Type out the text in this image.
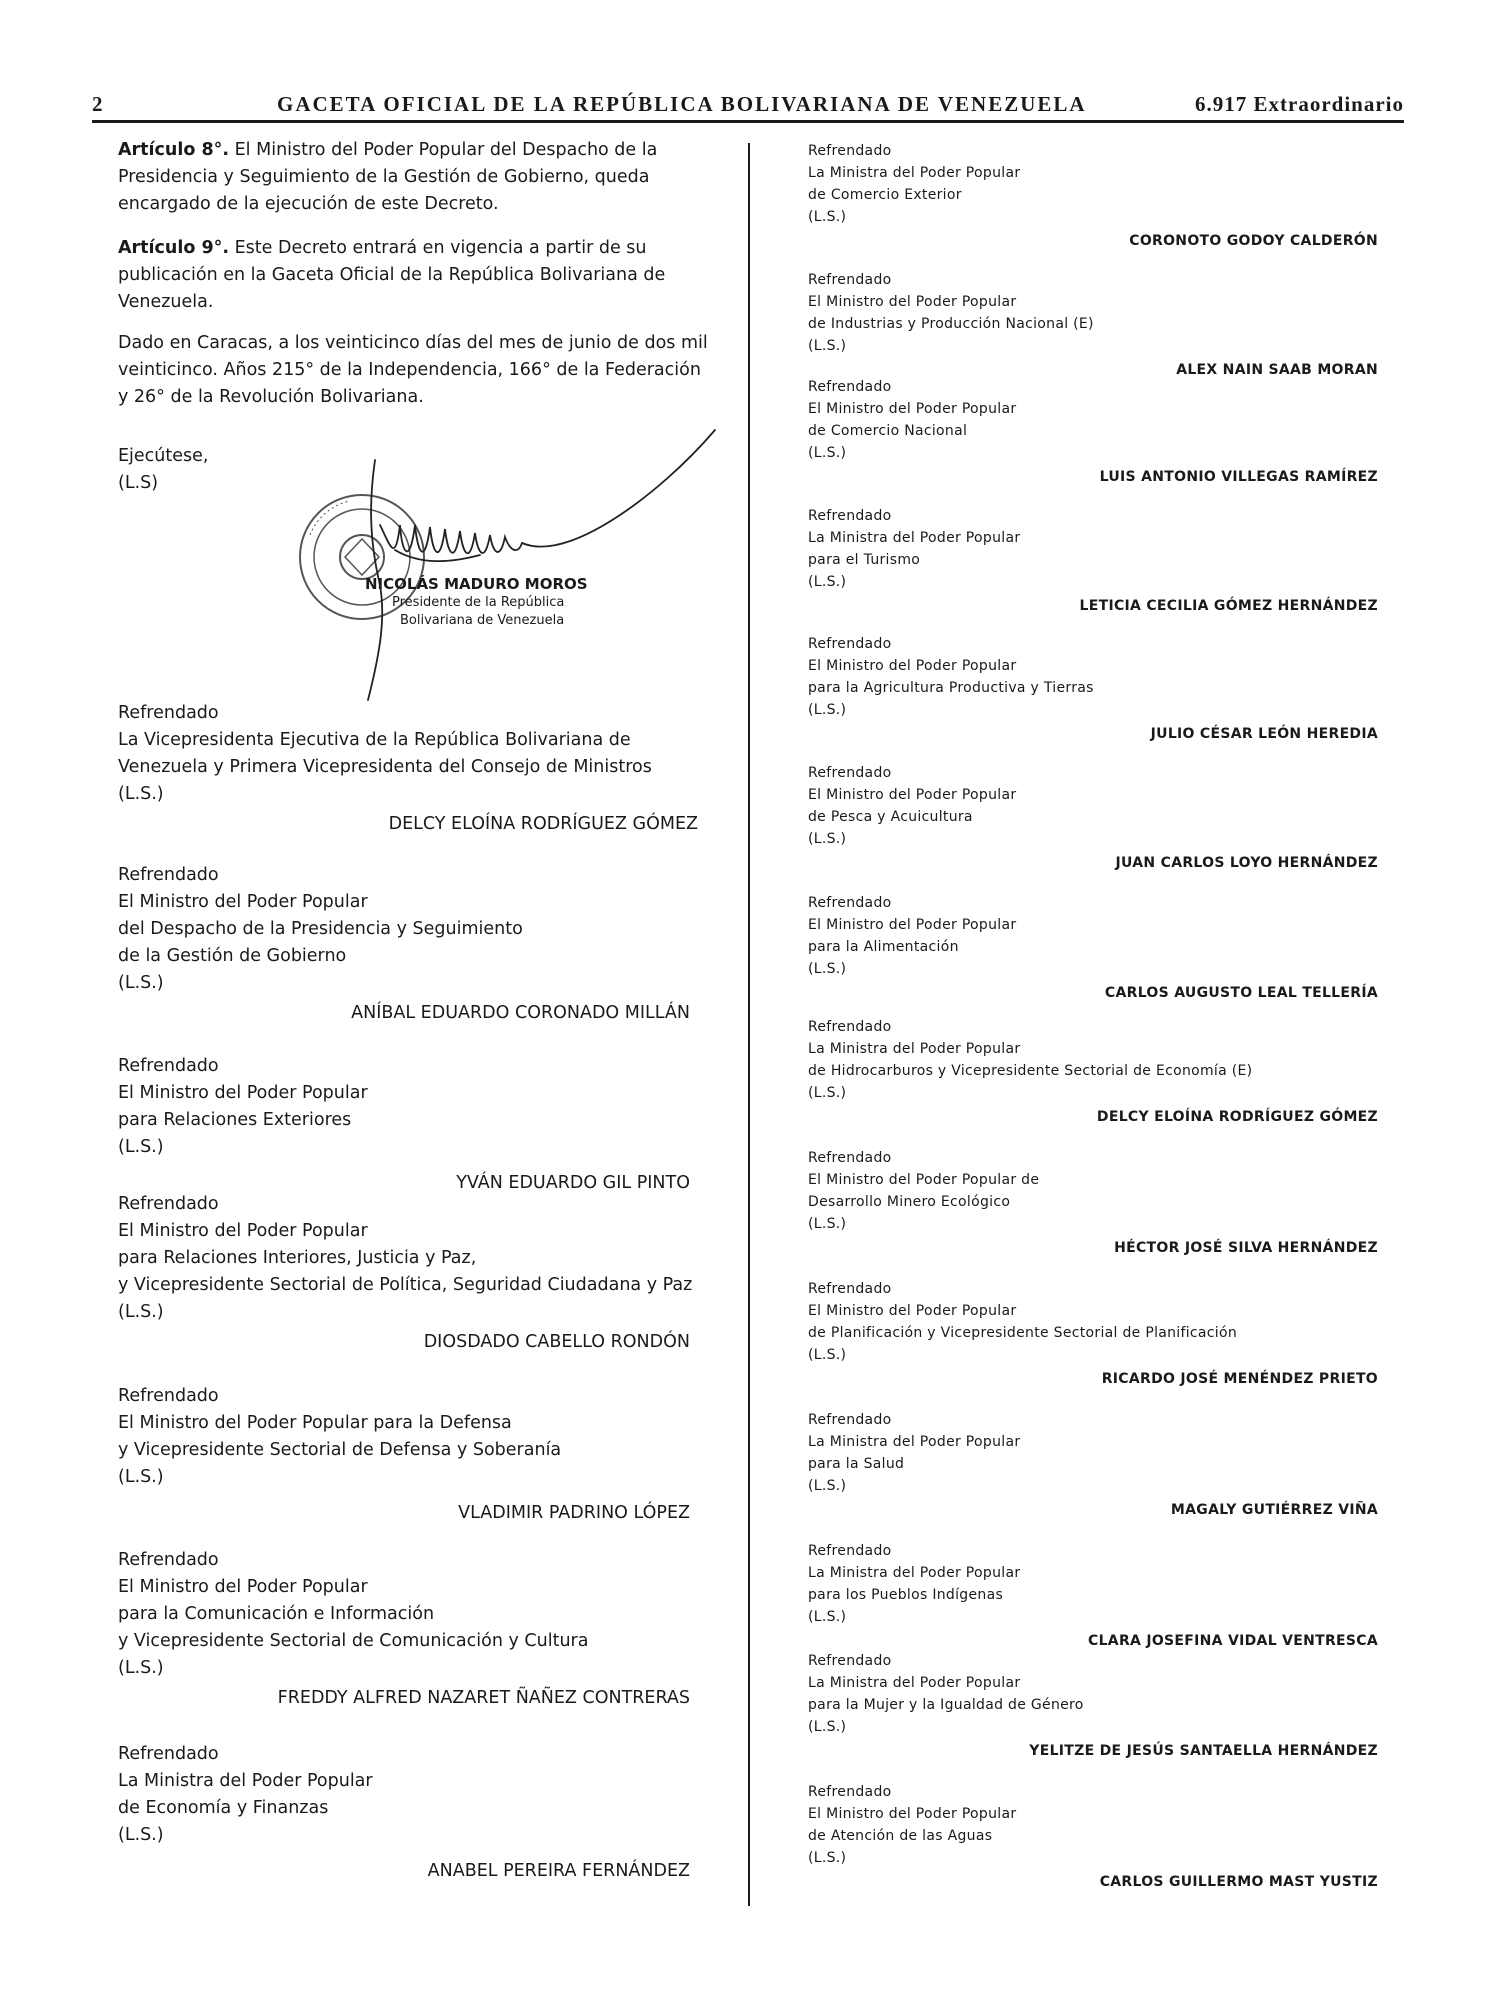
2	GACETA OFICIAL DE LA REPÚBLICA BOLIVARIANA DE VENEZUELA	6.917 Extraordinario
Artículo 8°. El Ministro del Poder Popular del Despacho de la
Presidencia y Seguimiento de la Gestión de Gobierno, queda
encargado de la ejecución de este Decreto.
Artículo 9°. Este Decreto entrará en vigencia a partir de su
publicación en la Gaceta Oficial de la República Bolivariana de
Venezuela.
Dado en Caracas, a los veinticinco días del mes de junio de dos mil
veinticinco. Años 215° de la Independencia, 166° de la Federación
y 26° de la Revolución Bolivariana.
Ejecútese,
(L.S)
NICOLÁS MADURO MOROS
Presidente de la República
Bolivariana de Venezuela
Refrendado
La Vicepresidenta Ejecutiva de la República Bolivariana de
Venezuela y Primera Vicepresidenta del Consejo de Ministros
(L.S.)
DELCY ELOÍNA RODRÍGUEZ GÓMEZ
Refrendado
El Ministro del Poder Popular
del Despacho de la Presidencia y Seguimiento
de la Gestión de Gobierno
(L.S.)
ANÍBAL EDUARDO CORONADO MILLÁN
Refrendado
El Ministro del Poder Popular
para Relaciones Exteriores
(L.S.)
YVÁN EDUARDO GIL PINTO
Refrendado
El Ministro del Poder Popular
para Relaciones Interiores, Justicia y Paz,
y Vicepresidente Sectorial de Política, Seguridad Ciudadana y Paz
(L.S.)
DIOSDADO CABELLO RONDÓN
Refrendado
El Ministro del Poder Popular para la Defensa
y Vicepresidente Sectorial de Defensa y Soberanía
(L.S.)
VLADIMIR PADRINO LÓPEZ
Refrendado
El Ministro del Poder Popular
para la Comunicación e Información
y Vicepresidente Sectorial de Comunicación y Cultura
(L.S.)
FREDDY ALFRED NAZARET ÑAÑEZ CONTRERAS
Refrendado
La Ministra del Poder Popular
de Economía y Finanzas
(L.S.)
ANABEL PEREIRA FERNÁNDEZ
Refrendado
La Ministra del Poder Popular
de Comercio Exterior
(L.S.)
CORONOTO GODOY CALDERÓN
Refrendado
El Ministro del Poder Popular
de Industrias y Producción Nacional (E)
(L.S.)
ALEX NAIN SAAB MORAN
Refrendado
El Ministro del Poder Popular
de Comercio Nacional
(L.S.)
LUIS ANTONIO VILLEGAS RAMÍREZ
Refrendado
La Ministra del Poder Popular
para el Turismo
(L.S.)
LETICIA CECILIA GÓMEZ HERNÁNDEZ
Refrendado
El Ministro del Poder Popular
para la Agricultura Productiva y Tierras
(L.S.)
JULIO CÉSAR LEÓN HEREDIA
Refrendado
El Ministro del Poder Popular
de Pesca y Acuicultura
(L.S.)
JUAN CARLOS LOYO HERNÁNDEZ
Refrendado
El Ministro del Poder Popular
para la Alimentación
(L.S.)
CARLOS AUGUSTO LEAL TELLERÍA
Refrendado
La Ministra del Poder Popular
de Hidrocarburos y Vicepresidente Sectorial de Economía (E)
(L.S.)
DELCY ELOÍNA RODRÍGUEZ GÓMEZ
Refrendado
El Ministro del Poder Popular de
Desarrollo Minero Ecológico
(L.S.)
HÉCTOR JOSÉ SILVA HERNÁNDEZ
Refrendado
El Ministro del Poder Popular
de Planificación y Vicepresidente Sectorial de Planificación
(L.S.)
RICARDO JOSÉ MENÉNDEZ PRIETO
Refrendado
La Ministra del Poder Popular
para la Salud
(L.S.)
MAGALY GUTIÉRREZ VIÑA
Refrendado
La Ministra del Poder Popular
para los Pueblos Indígenas
(L.S.)
CLARA JOSEFINA VIDAL VENTRESCA
Refrendado
La Ministra del Poder Popular
para la Mujer y la Igualdad de Género
(L.S.)
YELITZE DE JESÚS SANTAELLA HERNÁNDEZ
Refrendado
El Ministro del Poder Popular
de Atención de las Aguas
(L.S.)
CARLOS GUILLERMO MAST YUSTIZ
